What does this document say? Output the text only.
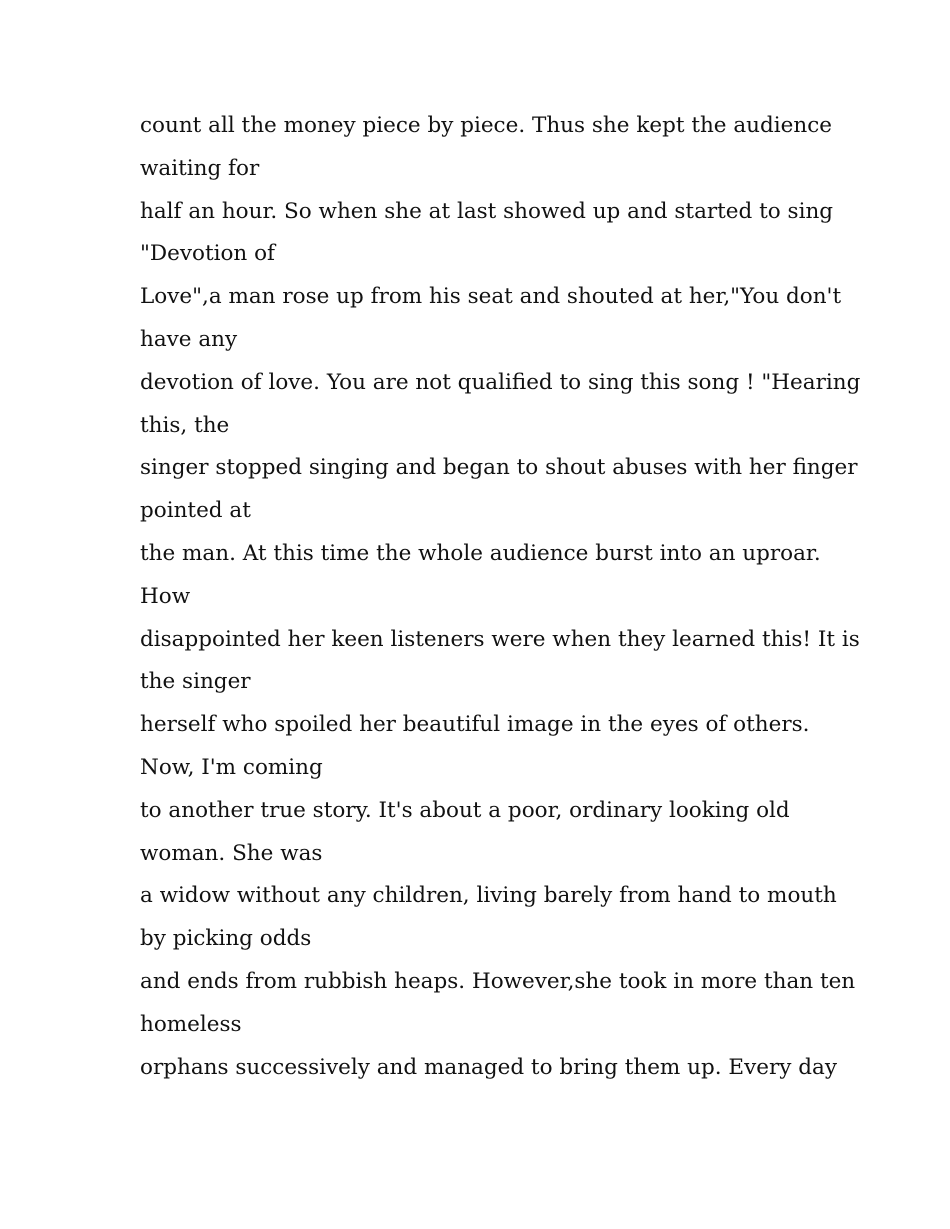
count all the money piece by piece. Thus she kept the audience
waiting for
half an hour. So when she at last showed up and started to sing
"Devotion of
Love",a man rose up from his seat and shouted at her,"You don't
have any
devotion of love. You are not qualified to sing this song ! "Hearing
this, the
singer stopped singing and began to shout abuses with her finger
pointed at
the man. At this time the whole audience burst into an uproar.
How
disappointed her keen listeners were when they learned this! It is
the singer
herself who spoiled her beautiful image in the eyes of others.
Now, I'm coming
to another true story. It's about a poor, ordinary looking old
woman. She was
a widow without any children, living barely from hand to mouth
by picking odds
and ends from rubbish heaps. However,she took in more than ten
homeless
orphans successively and managed to bring them up. Every day
